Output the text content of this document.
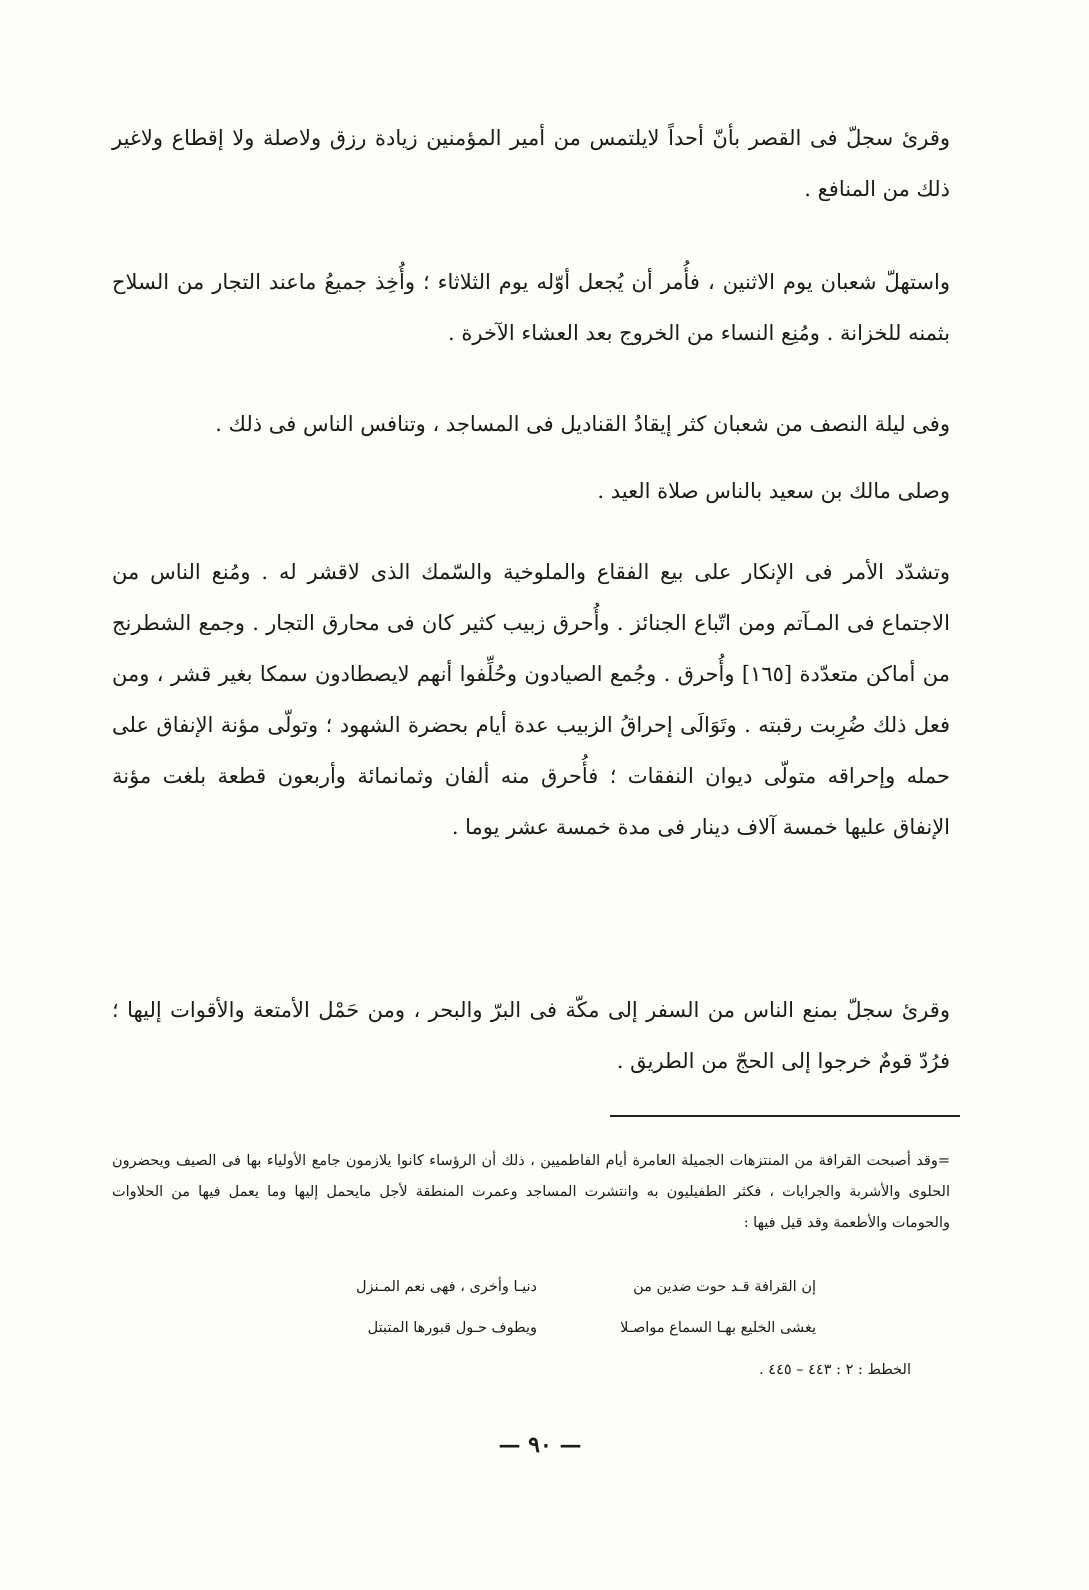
وقرئ سجلّ فى القصر بأنّ أحداً لايلتمس من أمير المؤمنين زيادة رزق ولاصلة ولا إقطاع ولاغير ذلك من المنافع .

واستهلّ شعبان يوم الاثنين ، فأُمر أن يُجعل أوّله يوم الثلاثاء ؛ وأُخِذ جميعُ ماعند التجار من السلاح بثمنه للخزانة . ومُنِع النساء من الخروج بعد العشاء الآخرة .

وفى ليلة النصف من شعبان كثر إيقادُ القناديل فى المساجد ، وتنافس الناس فى ذلك .

وصلى مالك بن سعيد بالناس صلاة العيد .

وتشدّد الأمر فى الإنكار على بيع الفقاع والملوخية والسّمك الذى لاقشر له . ومُنع الناس من الاجتماع فى المـآتم ومن اتّباع الجنائز . وأُحرق زبيب كثير كان فى محارق التجار . وجمع الشطرنج من أماكن متعدّدة [١٦٥] وأُحرق . وجُمع الصيادون وحُلِّفوا أنهم لايصطادون سمكا بغير قشر ، ومن فعل ذلك ضُرِبت رقبته . وتَوَالَى إحراقُ الزبيب عدة أيام بحضرة الشهود ؛ وتولّى مؤنة الإنفاق على حمله وإحراقه متولّى ديوان النفقات ؛ فأُحرق منه ألفان وثمانمائة وأربعون قطعة بلغت مؤنة الإنفاق عليها خمسة آلاف دينار فى مدة خمسة عشر يوما .

وقرئ سجلّ بمنع الناس من السفر إلى مكّة فى البرّ والبحر ، ومن حَمْل الأمتعة والأقوات إليها ؛ فرُدّ قومٌ خرجوا إلى الحجّ من الطريق .

=وقد أصبحت القرافة من المنتزهات الجميلة العامرة أيام الفاطميين ، ذلك أن الرؤساء كانوا يلازمون جامع الأولياء بها فى الصيف ويحضرون الحلوى والأشربة والجرايات ، فكثر الطفيليون به وانتشرت المساجد وعمرت المنطقة لأجل مايحمل إليها وما يعمل فيها من الحلاوات والحومات والأطعمة وقد قيل فيها :

إن القرافة قـد حوت ضدين من

دنيـا وأخرى ، فهى نعم المـنزل

يغشى الخليع بهـا السماع مواصـلا

ويطوف حـول قبورها المتبتل

الخطط : ٢ : ٤٤٣ – ٤٤٥ .

— ٩٠ —
